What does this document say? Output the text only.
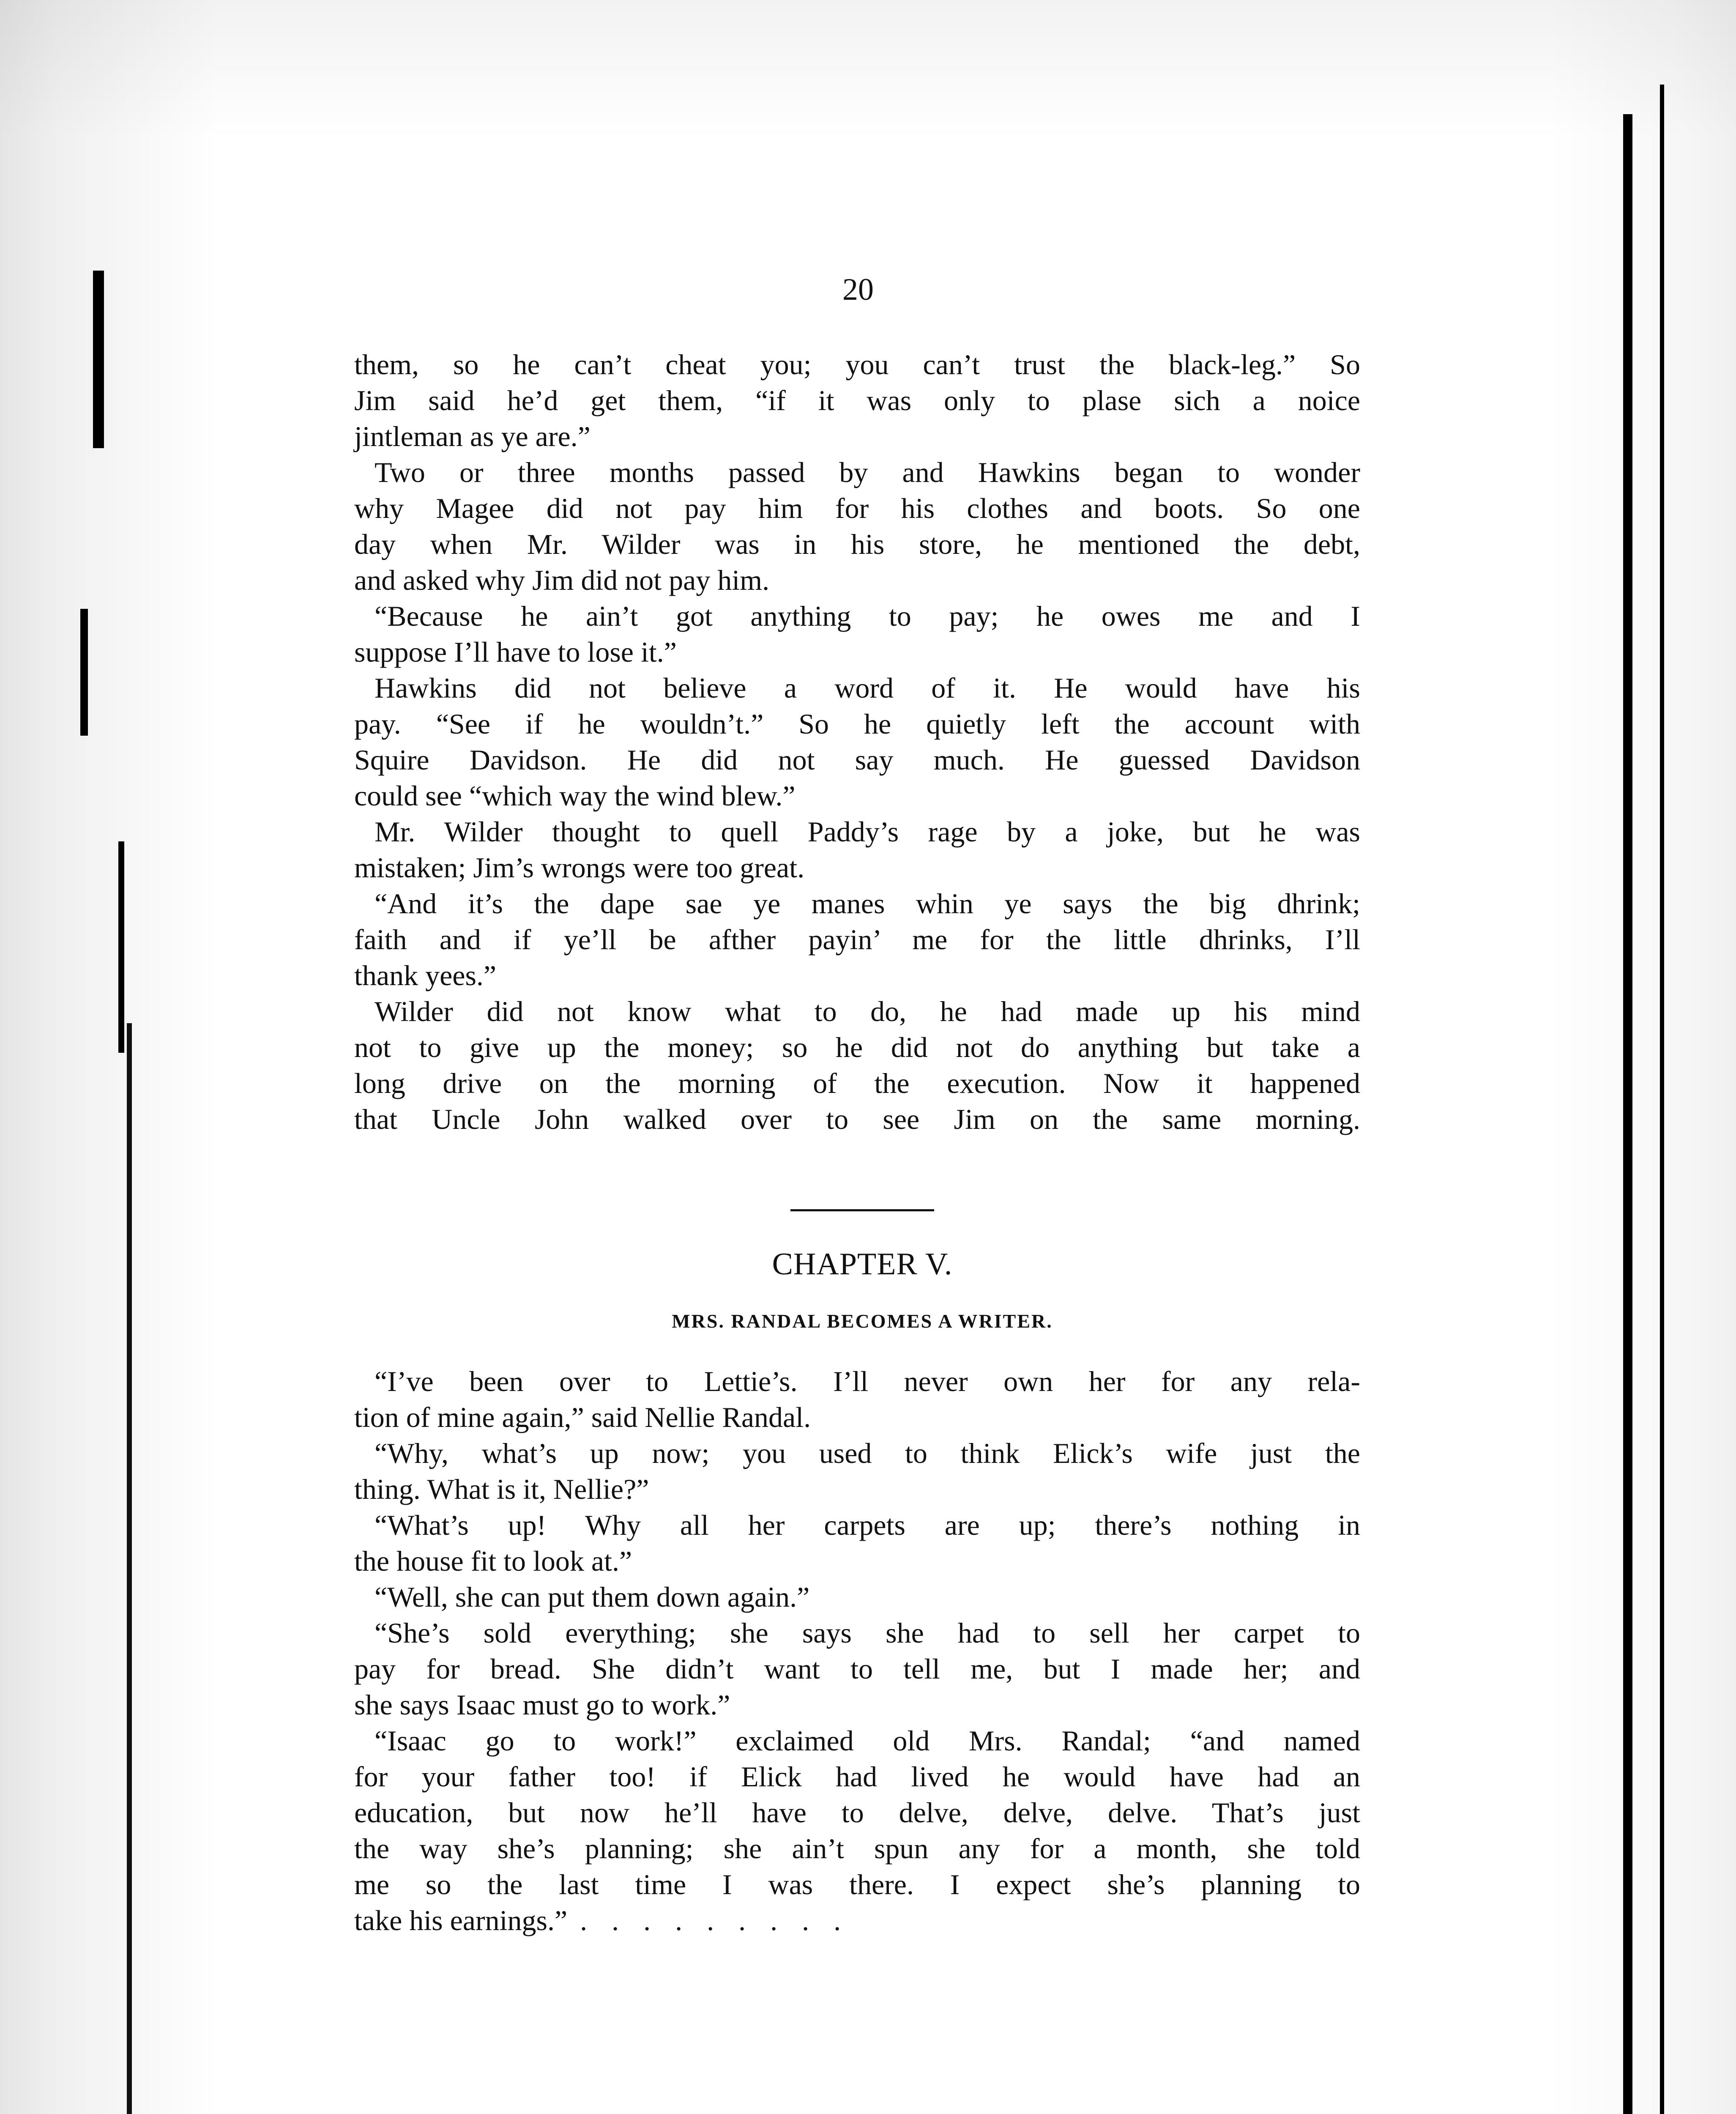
20
them, so he can’t cheat you; you can’t trust the black-leg.” So
Jim said he’d get them, “if it was only to plase sich a noice
jintleman as ye are.”
Two or three months passed by and Hawkins began to wonder
why Magee did not pay him for his clothes and boots. So one
day when Mr. Wilder was in his store, he mentioned the debt,
and asked why Jim did not pay him.
“Because he ain’t got anything to pay; he owes me and I
suppose I’ll have to lose it.”
Hawkins did not believe a word of it. He would have his
pay. “See if he wouldn’t.” So he quietly left the account with
Squire Davidson. He did not say much. He guessed Davidson
could see “which way the wind blew.”
Mr. Wilder thought to quell Paddy’s rage by a joke, but he was
mistaken; Jim’s wrongs were too great.
“And it’s the dape sae ye manes whin ye says the big dhrink;
faith and if ye’ll be afther payin’ me for the little dhrinks, I’ll
thank yees.”
Wilder did not know what to do, he had made up his mind
not to give up the money; so he did not do anything but take a
long drive on the morning of the execution. Now it happened
that Uncle John walked over to see Jim on the same morning.
CHAPTER V.
MRS. RANDAL BECOMES A WRITER.
“I’ve been over to Lettie’s. I’ll never own her for any rela-
tion of mine again,” said Nellie Randal.
“Why, what’s up now; you used to think Elick’s wife just the
thing. What is it, Nellie?”
“What’s up! Why all her carpets are up; there’s nothing in
the house fit to look at.”
“Well, she can put them down again.”
“She’s sold everything; she says she had to sell her carpet to
pay for bread. She didn’t want to tell me, but I made her; and
she says Isaac must go to work.”
“Isaac go to work!” exclaimed old Mrs. Randal; “and named
for your father too! if Elick had lived he would have had an
education, but now he’ll have to delve, delve, delve. That’s just
the way she’s planning; she ain’t spun any for a month, she told
me so the last time I was there. I expect she’s planning to
take his earnings.” .........
